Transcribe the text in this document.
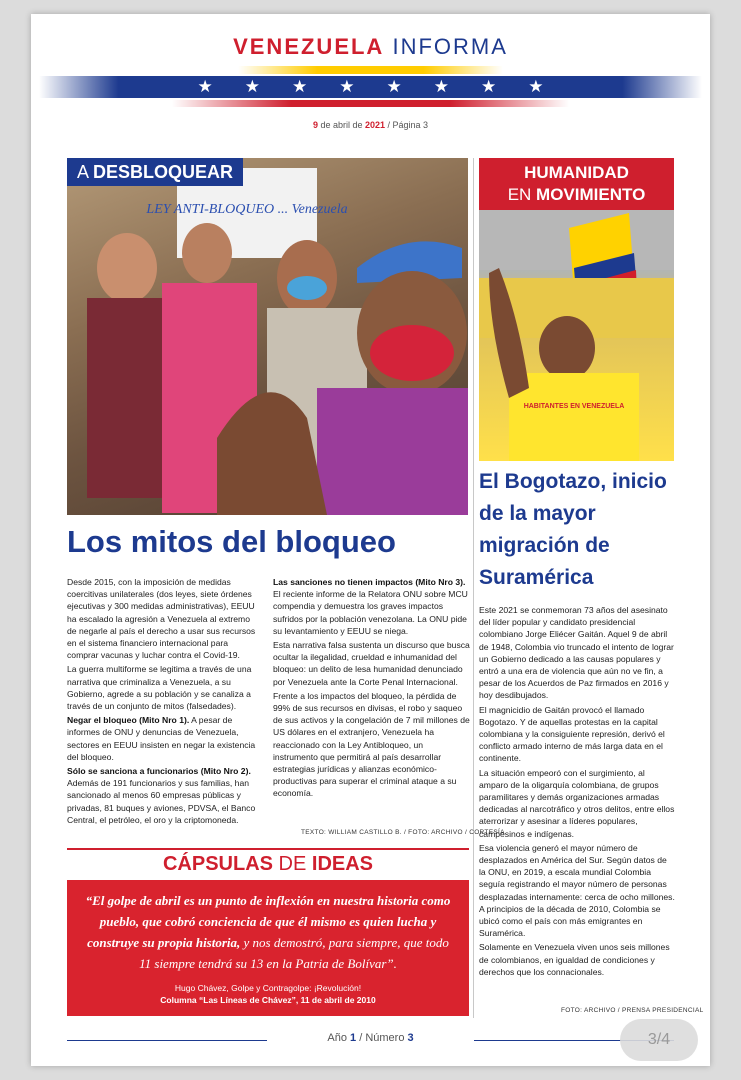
VENEZUELA INFORMA
★ ★ ★ ★ ★ ★ ★ ★
9 de abril de 2021 / Página 3
LEY ANTI-BLOQUEO ... Venezuela
A DESBLOQUEAR
HABITANTES EN VENEZUELA
HUMANIDAD
EN MOVIMIENTO
Los mitos del bloqueo
El Bogotazo, inicio de la mayor migración de Suramérica

Desde 2015, con la imposición de medidas coercitivas unilaterales (dos leyes, siete órdenes ejecutivas y 300 medidas administrativas), EEUU ha escalado la agresión a Venezuela al extremo de negarle al país el derecho a usar sus recursos en el sistema financiero internacional para comprar vacunas y luchar contra el Covid-19.

La guerra multiforme se legitima a través de una narrativa que criminaliza a Venezuela, a su Gobierno, agrede a su población y se canaliza a través de un conjunto de mitos (falsedades).

Negar el bloqueo (Mito Nro 1). A pesar de informes de ONU y denuncias de Venezuela, sectores en EEUU insisten en negar la existencia del bloqueo.

Sólo se sanciona a funcionarios (Mito Nro 2). Además de 191 funcionarios y sus familias, han sancionado al menos 60 empresas públicas y privadas, 81 buques y aviones, PDVSA, el Banco Central, el petróleo, el oro y la criptomoneda.

Las sanciones no tienen impactos (Mito Nro 3). El reciente informe de la Relatora ONU sobre MCU compendia y demuestra los graves impactos sufridos por la población venezolana. La ONU pide su levantamiento y EEUU se niega.

Esta narrativa falsa sustenta un discurso que busca ocultar la ilegalidad, crueldad e inhumanidad del bloqueo: un delito de lesa humanidad denunciado por Venezuela ante la Corte Penal Internacional.

Frente a los impactos del bloqueo, la pérdida de 99% de sus recursos en divisas, el robo y saqueo de sus activos y la congelación de 7 mil millones de US dólares en el extranjero, Venezuela ha reaccionado con la Ley Antibloqueo, un instrumento que permitirá al país desarrollar estrategias jurídicas y alianzas económico-productivas para superar el criminal ataque a su economía.

TEXTO: WILLIAM CASTILLO B. / FOTO: ARCHIVO / CORTESÍA

Este 2021 se conmemoran 73 años del asesinato del líder popular y candidato presidencial colombiano Jorge Eliécer Gaitán. Aquel 9 de abril de 1948, Colombia vio truncado el intento de lograr un Gobierno dedicado a las causas populares y entró a una era de violencia que aún no ve fin, a pesar de los Acuerdos de Paz firmados en 2016 y hoy desdibujados.

El magnicidio de Gaitán provocó el llamado Bogotazo. Y de aquellas protestas en la capital colombiana y la consiguiente represión, derivó el conflicto armado interno de más larga data en el continente.

La situación empeoró con el surgimiento, al amparo de la oligarquía colombiana, de grupos paramilitares y demás organizaciones armadas dedicadas al narcotráfico y otros delitos, entre ellos aterrorizar y asesinar a líderes populares, campesinos e indígenas.

Esa violencia generó el mayor número de desplazados en América del Sur. Según datos de la ONU, en 2019, a escala mundial Colombia seguía registrando el mayor número de personas desplazadas internamente: cerca de ocho millones. A principios de la década de 2010, Colombia se ubicó como el país con más emigrantes en Suramérica.

Solamente en Venezuela viven unos seis millones de colombianos, en igualdad de condiciones y derechos que los connacionales.

FOTO: ARCHIVO / PRENSA PRESIDENCIAL
CÁPSULAS DE IDEAS
“El golpe de abril es un punto de inflexión en nuestra historia como pueblo, que cobró conciencia de que él mismo es quien lucha y construye su propia historia, y nos demostró, para siempre, que todo 11 siempre tendrá su 13 en la Patria de Bolívar”.
Hugo Chávez, Golpe y Contragolpe: ¡Revolución!
Columna “Las Líneas de Chávez”, 11 de abril de 2010
Año 1 / Número 3	3/4
